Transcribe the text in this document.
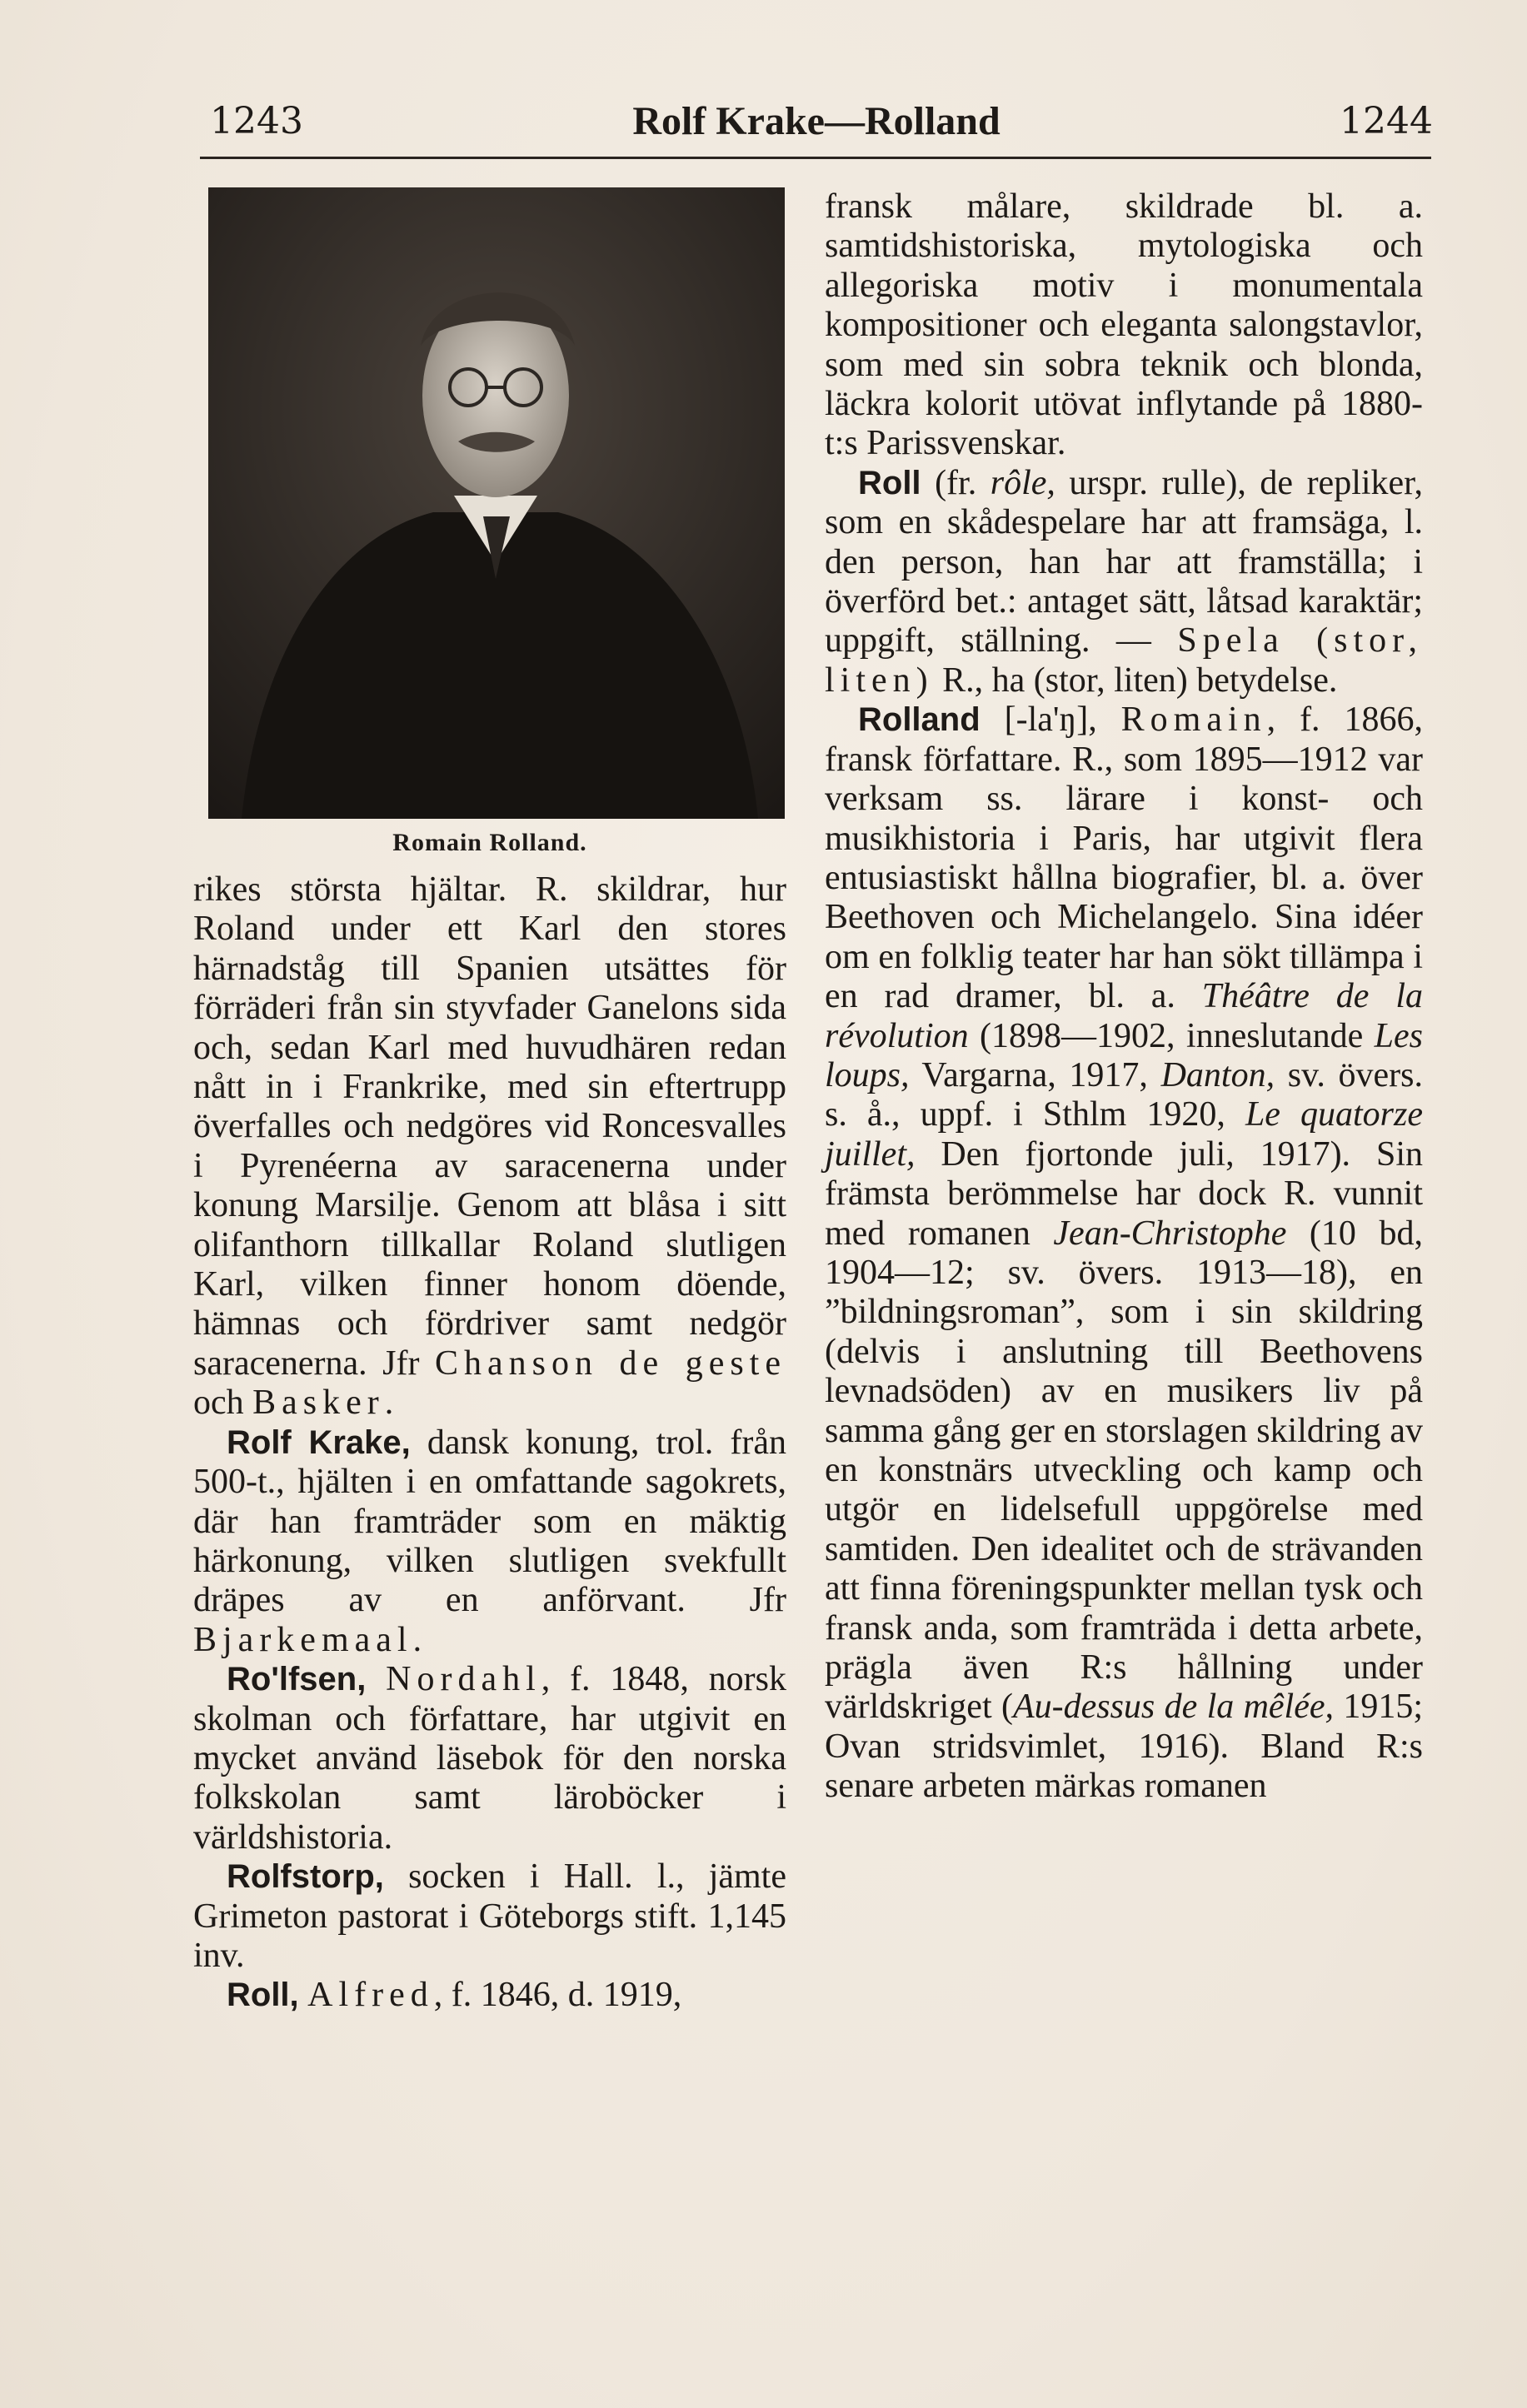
1243	Rolf Krake—Rolland	1244
Romain Rolland.

rikes största hjältar. R. skildrar, hur Roland under ett Karl den stores härnadståg till Spanien utsättes för förräderi från sin styvfader Ganelons sida och, sedan Karl med huvudhären redan nått in i Frankrike, med sin eftertrupp överfalles och nedgöres vid Roncesvalles i Pyrenéerna av saracenerna under konung Marsilje. Genom att blåsa i sitt olifanthorn tillkallar Roland slutligen Karl, vilken finner honom döende, hämnas och fördriver samt nedgör saracenerna. Jfr Chanson de geste och Basker.

Rolf Krake, dansk konung, trol. från 500-t., hjälten i en omfattande sagokrets, där han framträder som en mäktig härkonung, vilken slutligen svekfullt dräpes av en anförvant. Jfr Bjarkemaal.

Ro'lfsen, Nordahl, f. 1848, norsk skolman och författare, har utgivit en mycket använd läsebok för den norska folkskolan samt läroböcker i världshistoria.

Rolfstorp, socken i Hall. l., jämte Grimeton pastorat i Göteborgs stift. 1,145 inv.

Roll, Alfred, f. 1846, d. 1919,

fransk målare, skildrade bl. a. samtidshistoriska, mytologiska och allegoriska motiv i monumentala kompositioner och eleganta salongstavlor, som med sin sobra teknik och blonda, läckra kolorit utövat inflytande på 1880-t:s Parissvenskar.

Roll (fr. rôle, urspr. rulle), de repliker, som en skådespelare har att framsäga, l. den person, han har att framställa; i överförd bet.: antaget sätt, låtsad karaktär; uppgift, ställning. — Spela (stor, liten) R., ha (stor, liten) betydelse.

Rolland [-la'ŋ], Romain, f. 1866, fransk författare. R., som 1895—1912 var verksam ss. lärare i konst- och musikhistoria i Paris, har utgivit flera entusiastiskt hållna biografier, bl. a. över Beethoven och Michelangelo. Sina idéer om en folklig teater har han sökt tillämpa i en rad dramer, bl. a. Théâtre de la révolution (1898—1902, inneslutande Les loups, Vargarna, 1917, Danton, sv. övers. s. å., uppf. i Sthlm 1920, Le quatorze juillet, Den fjortonde juli, 1917). Sin främsta berömmelse har dock R. vunnit med romanen Jean-Christophe (10 bd, 1904—12; sv. övers. 1913—18), en ”bildningsroman”, som i sin skildring (delvis i anslutning till Beethovens levnadsöden) av en musikers liv på samma gång ger en storslagen skildring av en konstnärs utveckling och kamp och utgör en lidelsefull uppgörelse med samtiden. Den idealitet och de strävanden att finna föreningspunkter mellan tysk och fransk anda, som framträda i detta arbete, prägla även R:s hållning under världskriget (Au-dessus de la mêlée, 1915; Ovan stridsvimlet, 1916). Bland R:s senare arbeten märkas romanen
